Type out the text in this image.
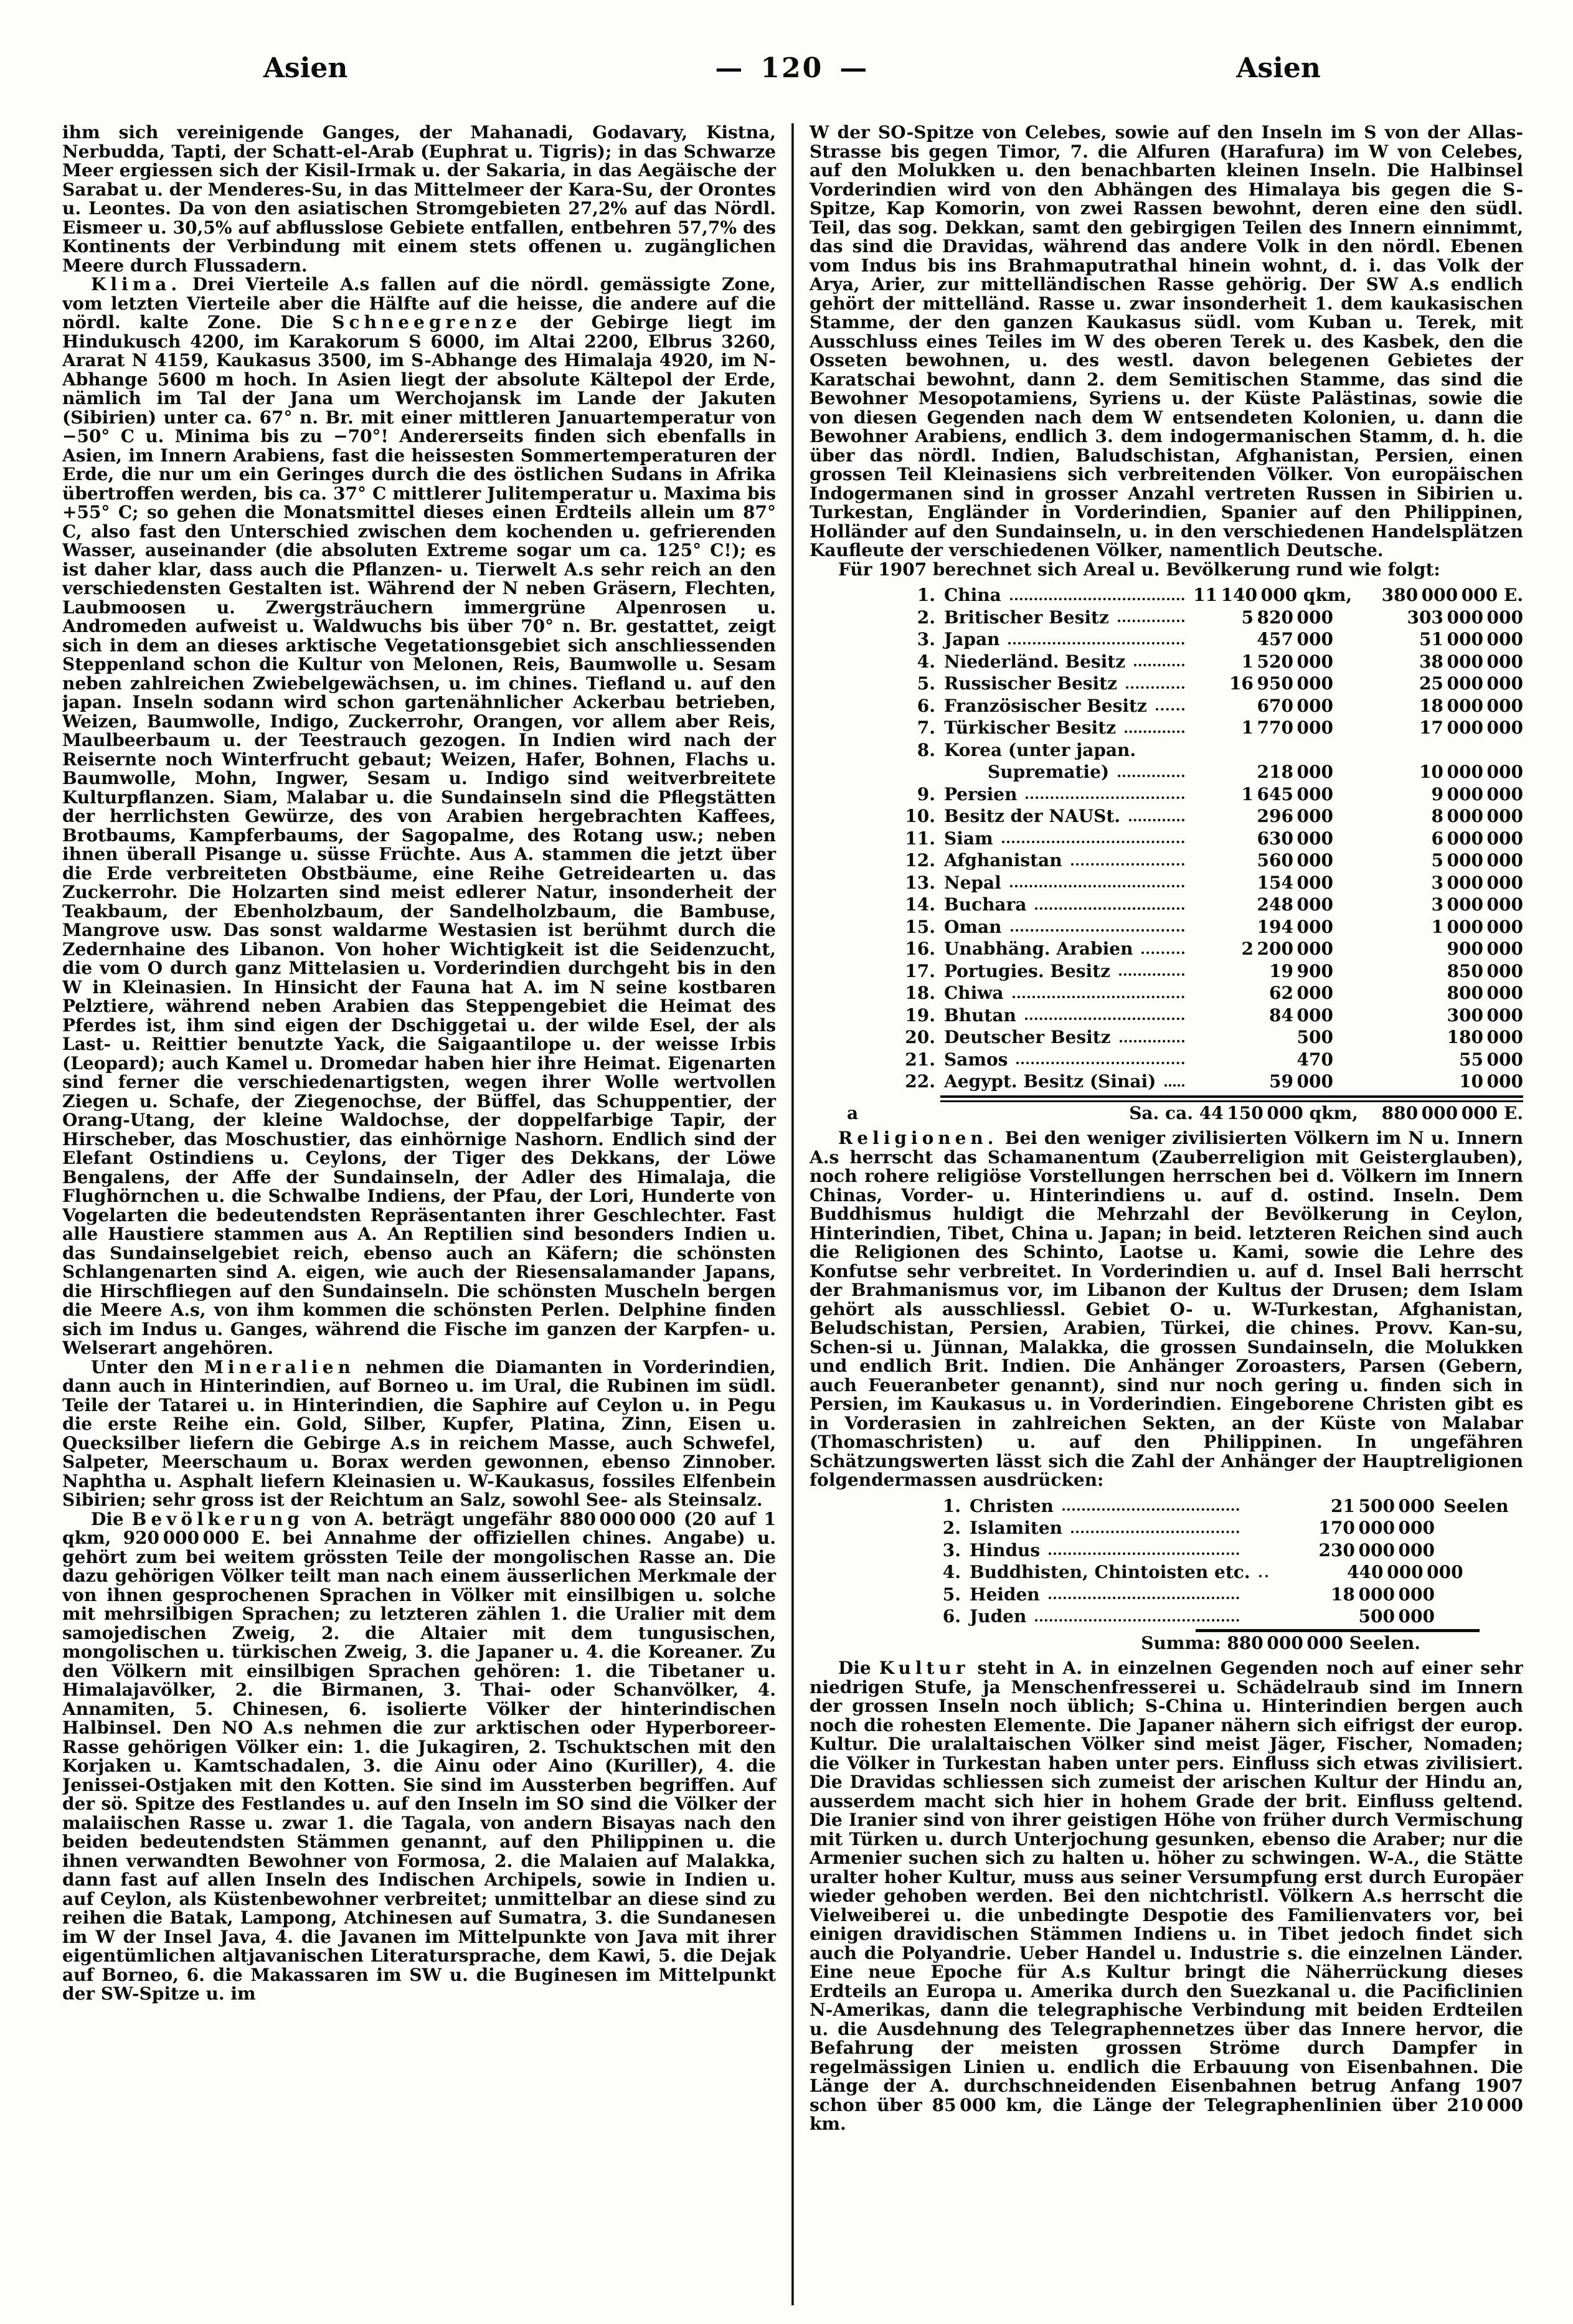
Asien	— 120 —	Asien

ihm sich vereinigende Ganges, der Mahanadi, Godavary, Kistna, Nerbudda, Tapti, der Schatt-el-Arab (Euphrat u. Tigris); in das Schwarze Meer ergiessen sich der Kisil-Irmak u. der Sakaria, in das Aegäische der Sarabat u. der Menderes-Su, in das Mittelmeer der Kara-Su, der Orontes u. Leontes. Da von den asiatischen Stromgebieten 27,2% auf das Nördl. Eismeer u. 30,5% auf abflusslose Gebiete entfallen, entbehren 57,7% des Kontinents der Verbindung mit einem stets offenen u. zugänglichen Meere durch Flussadern.

Klima. Drei Vierteile A.s fallen auf die nördl. gemässigte Zone, vom letzten Vierteile aber die Hälfte auf die heisse, die andere auf die nördl. kalte Zone. Die Schneegrenze der Gebirge liegt im Hindukusch 4200, im Karakorum S 6000, im Altai 2200, Elbrus 3260, Ararat N 4159, Kaukasus 3500, im S-Abhange des Himalaja 4920, im N-Abhange 5600 m hoch. In Asien liegt der absolute Kältepol der Erde, nämlich im Tal der Jana um Werchojansk im Lande der Jakuten (Sibirien) unter ca. 67° n. Br. mit einer mittleren Januartemperatur von −50° C u. Minima bis zu −70°! Andererseits finden sich ebenfalls in Asien, im Innern Arabiens, fast die heissesten Sommertemperaturen der Erde, die nur um ein Geringes durch die des östlichen Sudans in Afrika übertroffen werden, bis ca. 37° C mittlerer Julitemperatur u. Maxima bis +55° C; so gehen die Monatsmittel dieses einen Erdteils allein um 87° C, also fast den Unterschied zwischen dem kochenden u. gefrierenden Wasser, auseinander (die absoluten Extreme sogar um ca. 125° C!); es ist daher klar, dass auch die Pflanzen- u. Tierwelt A.s sehr reich an den verschiedensten Gestalten ist. Während der N neben Gräsern, Flechten, Laubmoosen u. Zwergsträuchern immergrüne Alpenrosen u. Andromeden aufweist u. Waldwuchs bis über 70° n. Br. gestattet, zeigt sich in dem an dieses arktische Vegetationsgebiet sich anschliessenden Steppenland schon die Kultur von Melonen, Reis, Baumwolle u. Sesam neben zahlreichen Zwiebelgewächsen, u. im chines. Tiefland u. auf den japan. Inseln sodann wird schon gartenähnlicher Ackerbau betrieben, Weizen, Baumwolle, Indigo, Zuckerrohr, Orangen, vor allem aber Reis, Maulbeerbaum u. der Teestrauch gezogen. In Indien wird nach der Reisernte noch Winterfrucht gebaut; Weizen, Hafer, Bohnen, Flachs u. Baumwolle, Mohn, Ingwer, Sesam u. Indigo sind weitverbreitete Kulturpflanzen. Siam, Malabar u. die Sundainseln sind die Pflegstätten der herrlichsten Gewürze, des von Arabien hergebrachten Kaffees, Brotbaums, Kampferbaums, der Sagopalme, des Rotang usw.; neben ihnen überall Pisange u. süsse Früchte. Aus A. stammen die jetzt über die Erde verbreiteten Obstbäume, eine Reihe Getreidearten u. das Zuckerrohr. Die Holzarten sind meist edlerer Natur, insonderheit der Teakbaum, der Ebenholzbaum, der Sandelholzbaum, die Bambuse, Mangrove usw. Das sonst waldarme Westasien ist berühmt durch die Zedernhaine des Libanon. Von hoher Wichtigkeit ist die Seidenzucht, die vom O durch ganz Mittelasien u. Vorderindien durchgeht bis in den W in Kleinasien. In Hinsicht der Fauna hat A. im N seine kostbaren Pelztiere, während neben Arabien das Steppengebiet die Heimat des Pferdes ist, ihm sind eigen der Dschiggetai u. der wilde Esel, der als Last- u. Reittier benutzte Yack, die Saigaantilope u. der weisse Irbis (Leopard); auch Kamel u. Dromedar haben hier ihre Heimat. Eigenarten sind ferner die verschiedenartigsten, wegen ihrer Wolle wertvollen Ziegen u. Schafe, der Ziegenochse, der Büffel, das Schuppentier, der Orang-Utang, der kleine Waldochse, der doppelfarbige Tapir, der Hirscheber, das Moschustier, das einhörnige Nashorn. Endlich sind der Elefant Ostindiens u. Ceylons, der Tiger des Dekkans, der Löwe Bengalens, der Affe der Sundainseln, der Adler des Himalaja, die Flughörnchen u. die Schwalbe Indiens, der Pfau, der Lori, Hunderte von Vogelarten die bedeutendsten Repräsentanten ihrer Geschlechter. Fast alle Haustiere stammen aus A. An Reptilien sind besonders Indien u. das Sundainselgebiet reich, ebenso auch an Käfern; die schönsten Schlangenarten sind A. eigen, wie auch der Riesensalamander Japans, die Hirschfliegen auf den Sundainseln. Die schönsten Muscheln bergen die Meere A.s, von ihm kommen die schönsten Perlen. Delphine finden sich im Indus u. Ganges, während die Fische im ganzen der Karpfen- u. Welserart angehören.

Unter den Mineralien nehmen die Diamanten in Vorderindien, dann auch in Hinterindien, auf Borneo u. im Ural, die Rubinen im südl. Teile der Tatarei u. in Hinterindien, die Saphire auf Ceylon u. in Pegu die erste Reihe ein. Gold, Silber, Kupfer, Platina, Zinn, Eisen u. Quecksilber liefern die Gebirge A.s in reichem Masse, auch Schwefel, Salpeter, Meerschaum u. Borax werden gewonnen, ebenso Zinnober. Naphtha u. Asphalt liefern Kleinasien u. W-Kaukasus, fossiles Elfenbein Sibirien; sehr gross ist der Reichtum an Salz, sowohl See- als Steinsalz.

Die Bevölkerung von A. beträgt ungefähr 880 000 000 (20 auf 1 qkm, 920 000 000 E. bei Annahme der offiziellen chines. Angabe) u. gehört zum bei weitem grössten Teile der mongolischen Rasse an. Die dazu gehörigen Völker teilt man nach einem äusserlichen Merkmale der von ihnen gesprochenen Sprachen in Völker mit einsilbigen u. solche mit mehrsilbigen Sprachen; zu letzteren zählen 1. die Uralier mit dem samojedischen Zweig, 2. die Altaier mit dem tungusischen, mongolischen u. türkischen Zweig, 3. die Japaner u. 4. die Koreaner. Zu den Völkern mit einsilbigen Sprachen gehören: 1. die Tibetaner u. Himalajavölker, 2. die Birmanen, 3. Thai- oder Schanvölker, 4. Annamiten, 5. Chinesen, 6. isolierte Völker der hinterindischen Halbinsel. Den NO A.s nehmen die zur arktischen oder Hyperboreer-Rasse gehörigen Völker ein: 1. die Jukagiren, 2. Tschuktschen mit den Korjaken u. Kamtschadalen, 3. die Ainu oder Aino (Kuriller), 4. die Jenissei-Ostjaken mit den Kotten. Sie sind im Aussterben begriffen. Auf der sö. Spitze des Festlandes u. auf den Inseln im SO sind die Völker der malaiischen Rasse u. zwar 1. die Tagala, von andern Bisayas nach den beiden bedeutendsten Stämmen genannt, auf den Philippinen u. die ihnen verwandten Bewohner von Formosa, 2. die Malaien auf Malakka, dann fast auf allen Inseln des Indischen Archipels, sowie in Indien u. auf Ceylon, als Küstenbewohner verbreitet; unmittelbar an diese sind zu reihen die Batak, Lampong, Atchinesen auf Sumatra, 3. die Sundanesen im W der Insel Java, 4. die Javanen im Mittelpunkte von Java mit ihrer eigentümlichen altjavanischen Literatursprache, dem Kawi, 5. die Dejak auf Borneo, 6. die Makassaren im SW u. die Buginesen im Mittelpunkt der SW-Spitze u. im

W der SO-Spitze von Celebes, sowie auf den Inseln im S von der Allas-Strasse bis gegen Timor, 7. die Alfuren (Harafura) im W von Celebes, auf den Molukken u. den benachbarten kleinen Inseln. Die Halbinsel Vorderindien wird von den Abhängen des Himalaya bis gegen die S-Spitze, Kap Komorin, von zwei Rassen bewohnt, deren eine den südl. Teil, das sog. Dekkan, samt den gebirgigen Teilen des Innern einnimmt, das sind die Dravidas, während das andere Volk in den nördl. Ebenen vom Indus bis ins Brahmaputrathal hinein wohnt, d. i. das Volk der Arya, Arier, zur mittelländischen Rasse gehörig. Der SW A.s endlich gehört der mittelländ. Rasse u. zwar insonderheit 1. dem kaukasischen Stamme, der den ganzen Kaukasus südl. vom Kuban u. Terek, mit Ausschluss eines Teiles im W des oberen Terek u. des Kasbek, den die Osseten bewohnen, u. des westl. davon belegenen Gebietes der Karatschai bewohnt, dann 2. dem Semitischen Stamme, das sind die Bewohner Mesopotamiens, Syriens u. der Küste Palästinas, sowie die von diesen Gegenden nach dem W entsendeten Kolonien, u. dann die Bewohner Arabiens, endlich 3. dem indogermanischen Stamm, d. h. die über das nördl. Indien, Baludschistan, Afghanistan, Persien, einen grossen Teil Kleinasiens sich verbreitenden Völker. Von europäischen Indogermanen sind in grosser Anzahl vertreten Russen in Sibirien u. Turkestan, Engländer in Vorderindien, Spanier auf den Philippinen, Holländer auf den Sundainseln, u. in den verschiedenen Handelsplätzen Kaufleute der verschiedenen Völker, namentlich Deutsche.

Für 1907 berechnet sich Areal u. Bevölkerung rund wie folgt:

1. China	11 140 000 qkm,	380 000 000 E.
2. Britischer Besitz	5 820 000	303 000 000
3. Japan	457 000	51 000 000
4. Niederländ. Besitz	1 520 000	38 000 000
5. Russischer Besitz	16 950 000	25 000 000
6. Französischer Besitz	670 000	18 000 000
7. Türkischer Besitz	1 770 000	17 000 000
8. Korea (unter japan.
Suprematie)	218 000	10 000 000
9. Persien	1 645 000	9 000 000
10. Besitz der NAUSt.	296 000	8 000 000
11. Siam	630 000	6 000 000
12. Afghanistan	560 000	5 000 000
13. Nepal	154 000	3 000 000
14. Buchara	248 000	3 000 000
15. Oman	194 000	1 000 000
16. Unabhäng. Arabien	2 200 000	900 000
17. Portugies. Besitz	19 900	850 000
18. Chiwa	62 000	800 000
19. Bhutan	84 000	300 000
20. Deutscher Besitz	500	180 000
21. Samos	470	55 000
22. Aegypt. Besitz (Sinai)	59 000	10 000
a	Sa. ca. 44 150 000 qkm,	880 000 000 E.

Religionen. Bei den weniger zivilisierten Völkern im N u. Innern A.s herrscht das Schamanentum (Zauberreligion mit Geisterglauben), noch rohere religiöse Vorstellungen herrschen bei d. Völkern im Innern Chinas, Vorder- u. Hinterindiens u. auf d. ostind. Inseln. Dem Buddhismus huldigt die Mehrzahl der Bevölkerung in Ceylon, Hinterindien, Tibet, China u. Japan; in beid. letzteren Reichen sind auch die Religionen des Schinto, Laotse u. Kami, sowie die Lehre des Konfutse sehr verbreitet. In Vorderindien u. auf d. Insel Bali herrscht der Brahmanismus vor, im Libanon der Kultus der Drusen; dem Islam gehört als ausschliessl. Gebiet O- u. W-Turkestan, Afghanistan, Beludschistan, Persien, Arabien, Türkei, die chines. Provv. Kan-su, Schen-si u. Jünnan, Malakka, die grossen Sundainseln, die Molukken und endlich Brit. Indien. Die Anhänger Zoroasters, Parsen (Gebern, auch Feueranbeter genannt), sind nur noch gering u. finden sich in Persien, im Kaukasus u. in Vorderindien. Eingeborene Christen gibt es in Vorderasien in zahlreichen Sekten, an der Küste von Malabar (Thomaschristen) u. auf den Philippinen. In ungefähren Schätzungswerten lässt sich die Zahl der Anhänger der Hauptreligionen folgendermassen ausdrücken:

1. Christen	21 500 000 Seelen
2. Islamiten	170 000 000
3. Hindus	230 000 000
4. Buddhisten, Chintoisten etc.	440 000 000
5. Heiden	18 000 000
6. Juden	500 000
Summa: 880 000 000 Seelen.

Die Kultur steht in A. in einzelnen Gegenden noch auf einer sehr niedrigen Stufe, ja Menschenfresserei u. Schädelraub sind im Innern der grossen Inseln noch üblich; S-China u. Hinterindien bergen auch noch die rohesten Elemente. Die Japaner nähern sich eifrigst der europ. Kultur. Die uralaltaischen Völker sind meist Jäger, Fischer, Nomaden; die Völker in Turkestan haben unter pers. Einfluss sich etwas zivilisiert. Die Dravidas schliessen sich zumeist der arischen Kultur der Hindu an, ausserdem macht sich hier in hohem Grade der brit. Einfluss geltend. Die Iranier sind von ihrer geistigen Höhe von früher durch Vermischung mit Türken u. durch Unterjochung gesunken, ebenso die Araber; nur die Armenier suchen sich zu halten u. höher zu schwingen. W-A., die Stätte uralter hoher Kultur, muss aus seiner Versumpfung erst durch Europäer wieder gehoben werden. Bei den nichtchristl. Völkern A.s herrscht die Vielweiberei u. die unbedingte Despotie des Familienvaters vor, bei einigen dravidischen Stämmen Indiens u. in Tibet jedoch findet sich auch die Polyandrie. Ueber Handel u. Industrie s. die einzelnen Länder. Eine neue Epoche für A.s Kultur bringt die Näherrückung dieses Erdteils an Europa u. Amerika durch den Suezkanal u. die Pacificlinien N-Amerikas, dann die telegraphische Verbindung mit beiden Erdteilen u. die Ausdehnung des Telegraphennetzes über das Innere hervor, die Befahrung der meisten grossen Ströme durch Dampfer in regelmässigen Linien u. endlich die Erbauung von Eisenbahnen. Die Länge der A. durchschneidenden Eisenbahnen betrug Anfang 1907 schon über 85 000 km, die Länge der Telegraphenlinien über 210 000 km.
